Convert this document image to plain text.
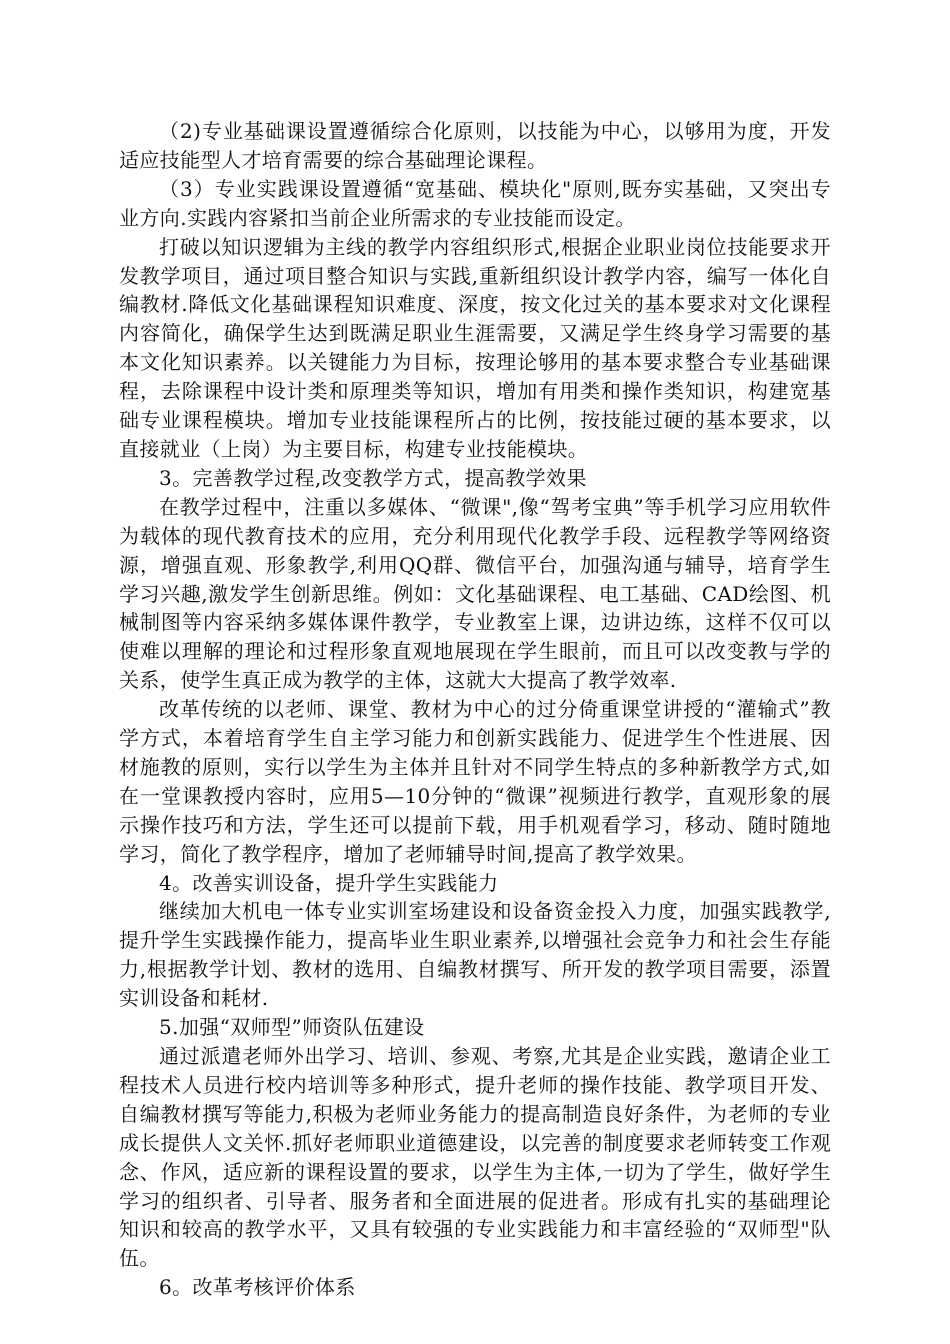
（2)专业基础课设置遵循综合化原则，以技能为中心，以够用为度，开发适应技能型人才培育需要的综合基础理论课程。

（3）专业实践课设置遵循“宽基础、模块化"原则,既夯实基础，又突出专业方向.实践内容紧扣当前企业所需求的专业技能而设定。

打破以知识逻辑为主线的教学内容组织形式,根据企业职业岗位技能要求开发教学项目，通过项目整合知识与实践,重新组织设计教学内容，编写一体化自编教材.降低文化基础课程知识难度、深度，按文化过关的基本要求对文化课程内容简化，确保学生达到既满足职业生涯需要，又满足学生终身学习需要的基本文化知识素养。以关键能力为目标，按理论够用的基本要求整合专业基础课程，去除课程中设计类和原理类等知识，增加有用类和操作类知识，构建宽基础专业课程模块。增加专业技能课程所占的比例，按技能过硬的基本要求，以直接就业（上岗）为主要目标，构建专业技能模块。

3。完善教学过程,改变教学方式，提高教学效果

在教学过程中，注重以多媒体、“微课",像“驾考宝典”等手机学习应用软件为载体的现代教育技术的应用，充分利用现代化教学手段、远程教学等网络资源，增强直观、形象教学,利用QQ群、微信平台，加强沟通与辅导，培育学生学习兴趣,激发学生创新思维。例如：文化基础课程、电工基础、CAD绘图、机械制图等内容采纳多媒体课件教学，专业教室上课，边讲边练，这样不仅可以使难以理解的理论和过程形象直观地展现在学生眼前，而且可以改变教与学的关系，使学生真正成为教学的主体，这就大大提高了教学效率.

改革传统的以老师、课堂、教材为中心的过分倚重课堂讲授的“灌输式”教学方式，本着培育学生自主学习能力和创新实践能力、促进学生个性进展、因材施教的原则，实行以学生为主体并且针对不同学生特点的多种新教学方式,如在一堂课教授内容时，应用5—10分钟的“微课”视频进行教学，直观形象的展示操作技巧和方法，学生还可以提前下载，用手机观看学习，移动、随时随地学习，简化了教学程序，增加了老师辅导时间,提高了教学效果。

4。改善实训设备，提升学生实践能力

继续加大机电一体专业实训室场建设和设备资金投入力度，加强实践教学,提升学生实践操作能力，提高毕业生职业素养,以增强社会竞争力和社会生存能力,根据教学计划、教材的选用、自编教材撰写、所开发的教学项目需要，添置实训设备和耗材.

5.加强“双师型”师资队伍建设

通过派遣老师外出学习、培训、参观、考察,尤其是企业实践，邀请企业工程技术人员进行校内培训等多种形式，提升老师的操作技能、教学项目开发、自编教材撰写等能力,积极为老师业务能力的提高制造良好条件，为老师的专业成长提供人文关怀.抓好老师职业道德建设，以完善的制度要求老师转变工作观念、作风，适应新的课程设置的要求，以学生为主体,一切为了学生，做好学生学习的组织者、引导者、服务者和全面进展的促进者。形成有扎实的基础理论知识和较高的教学水平，又具有较强的专业实践能力和丰富经验的“双师型"队伍。

6。改革考核评价体系
